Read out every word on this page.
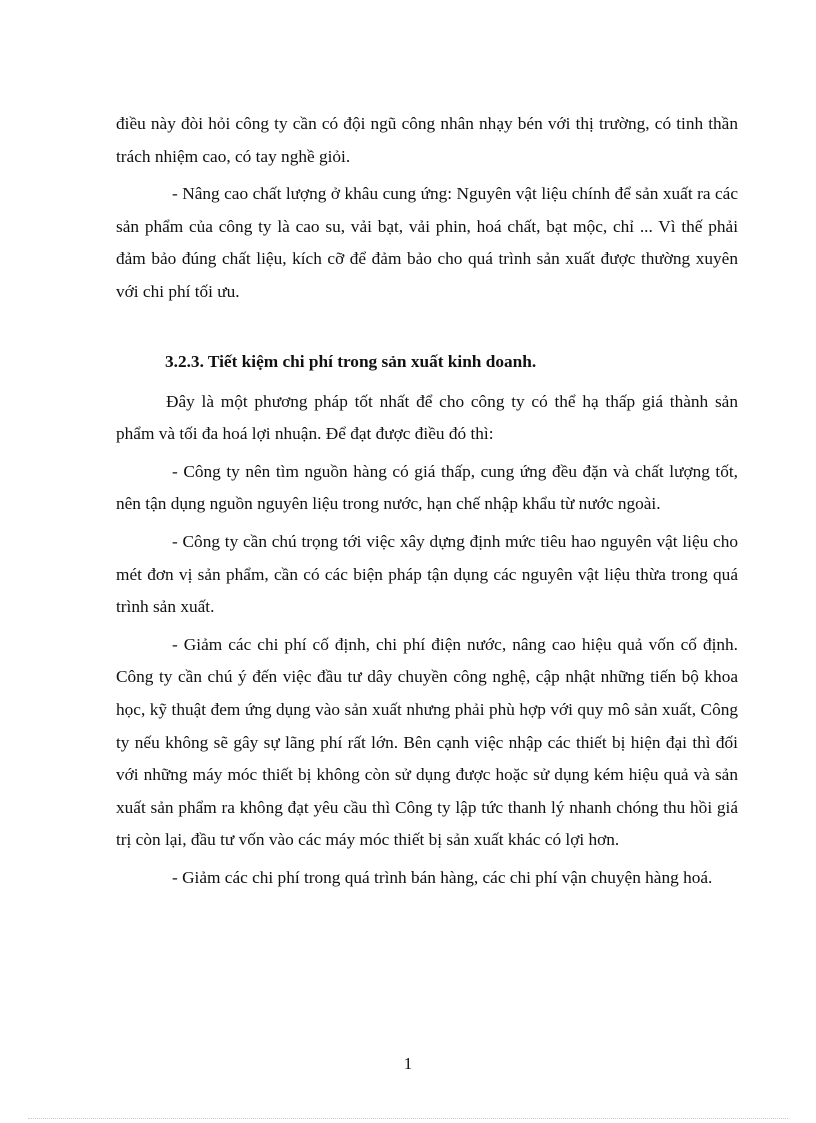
điều này đòi hỏi công ty cần có đội ngũ công nhân nhạy bén với thị trường, có tinh thần trách nhiệm cao, có tay nghề giỏi.

- Nâng cao chất lượng ở khâu cung ứng: Nguyên vật liệu chính để sản xuất ra các sản phẩm của công ty là cao su, vải bạt, vải phin, hoá chất, bạt mộc, chỉ ... Vì thế phải đảm bảo đúng chất liệu, kích cỡ để đảm bảo cho quá trình sản xuất được thường xuyên với chi phí tối ưu.

3.2.3. Tiết kiệm chi phí trong sản xuất kinh doanh.

Đây là một phương pháp tốt nhất để cho công ty có thể hạ thấp giá thành sản phẩm và tối đa hoá lợi nhuận. Để đạt được điều đó thì:

- Công ty nên tìm nguồn hàng có giá thấp, cung ứng đều đặn và chất lượng tốt, nên tận dụng nguồn nguyên liệu trong nước, hạn chế nhập khẩu từ nước ngoài.

- Công ty cần chú trọng tới việc xây dựng định mức tiêu hao nguyên vật liệu cho mét đơn vị sản phẩm, cần có các biện pháp tận dụng các nguyên vật liệu thừa trong quá trình sản xuất.

- Giảm các chi phí cố định, chi phí điện nước, nâng cao hiệu quả vốn cố định. Công ty cần chú ý đến việc đầu tư dây chuyền công nghệ, cập nhật những tiến bộ khoa học, kỹ thuật đem ứng dụng vào sản xuất nhưng phải phù hợp với quy mô sản xuất, Công ty nếu không sẽ gây sự lãng phí rất lớn. Bên cạnh việc nhập các thiết bị hiện đại thì đối với những máy móc thiết bị không còn sử dụng được hoặc sử dụng kém hiệu quả và sản xuất sản phẩm ra không đạt yêu cầu thì Công ty lập tức thanh lý nhanh chóng thu hồi giá trị còn lại, đầu tư vốn vào các máy móc thiết bị sản xuất khác có lợi hơn.

- Giảm các chi phí trong quá trình bán hàng, các chi phí vận chuyện hàng hoá.

1
